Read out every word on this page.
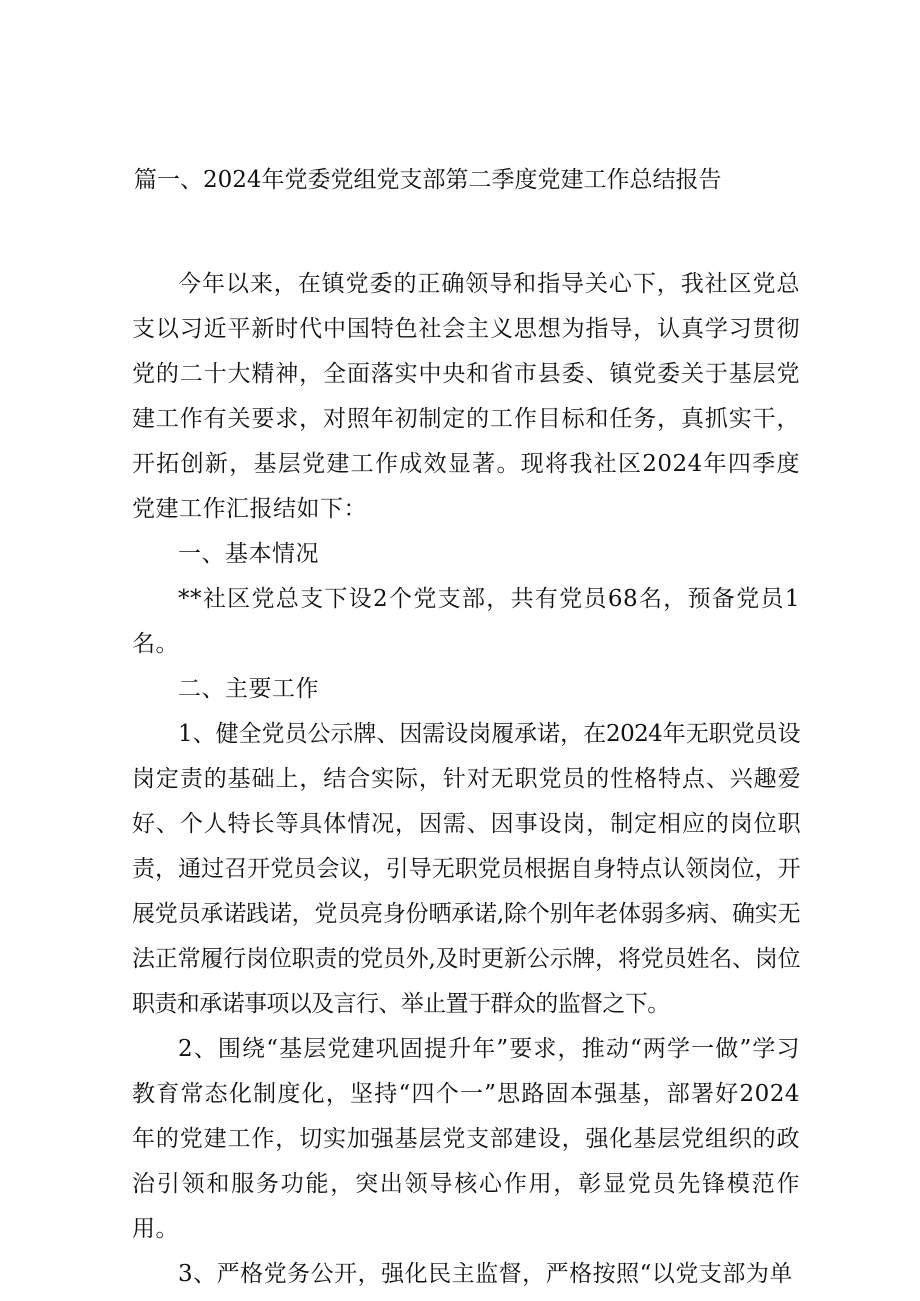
篇一、2024年党委党组党支部第二季度党建工作总结报告

今年以来，在镇党委的正确领导和指导关心下，我社区党总支以习近平新时代中国特色社会主义思想为指导，认真学习贯彻党的二十大精神，全面落实中央和省市县委、镇党委关于基层党建工作有关要求，对照年初制定的工作目标和任务，真抓实干，开拓创新，基层党建工作成效显著。现将我社区2024年四季度党建工作汇报结如下：

一、基本情况

**社区党总支下设2个党支部，共有党员68名，预备党员1名。

二、主要工作

1、健全党员公示牌、因需设岗履承诺，在2024年无职党员设岗定责的基础上，结合实际，针对无职党员的性格特点、兴趣爱好、个人特长等具体情况，因需、因事设岗，制定相应的岗位职责，通过召开党员会议，引导无职党员根据自身特点认领岗位，开展党员承诺践诺，党员亮身份晒承诺,除个别年老体弱多病、确实无法正常履行岗位职责的党员外,及时更新公示牌，将党员姓名、岗位职责和承诺事项以及言行、举止置于群众的监督之下。

2、围绕“基层党建巩固提升年”要求，推动“两学一做”学习教育常态化制度化，坚持“四个一”思路固本强基，部署好2024年的党建工作，切实加强基层党支部建设，强化基层党组织的政治引领和服务功能，突出领导核心作用，彰显党员先锋模范作用。

3、严格党务公开，强化民主监督，严格按照“以党支部为单
